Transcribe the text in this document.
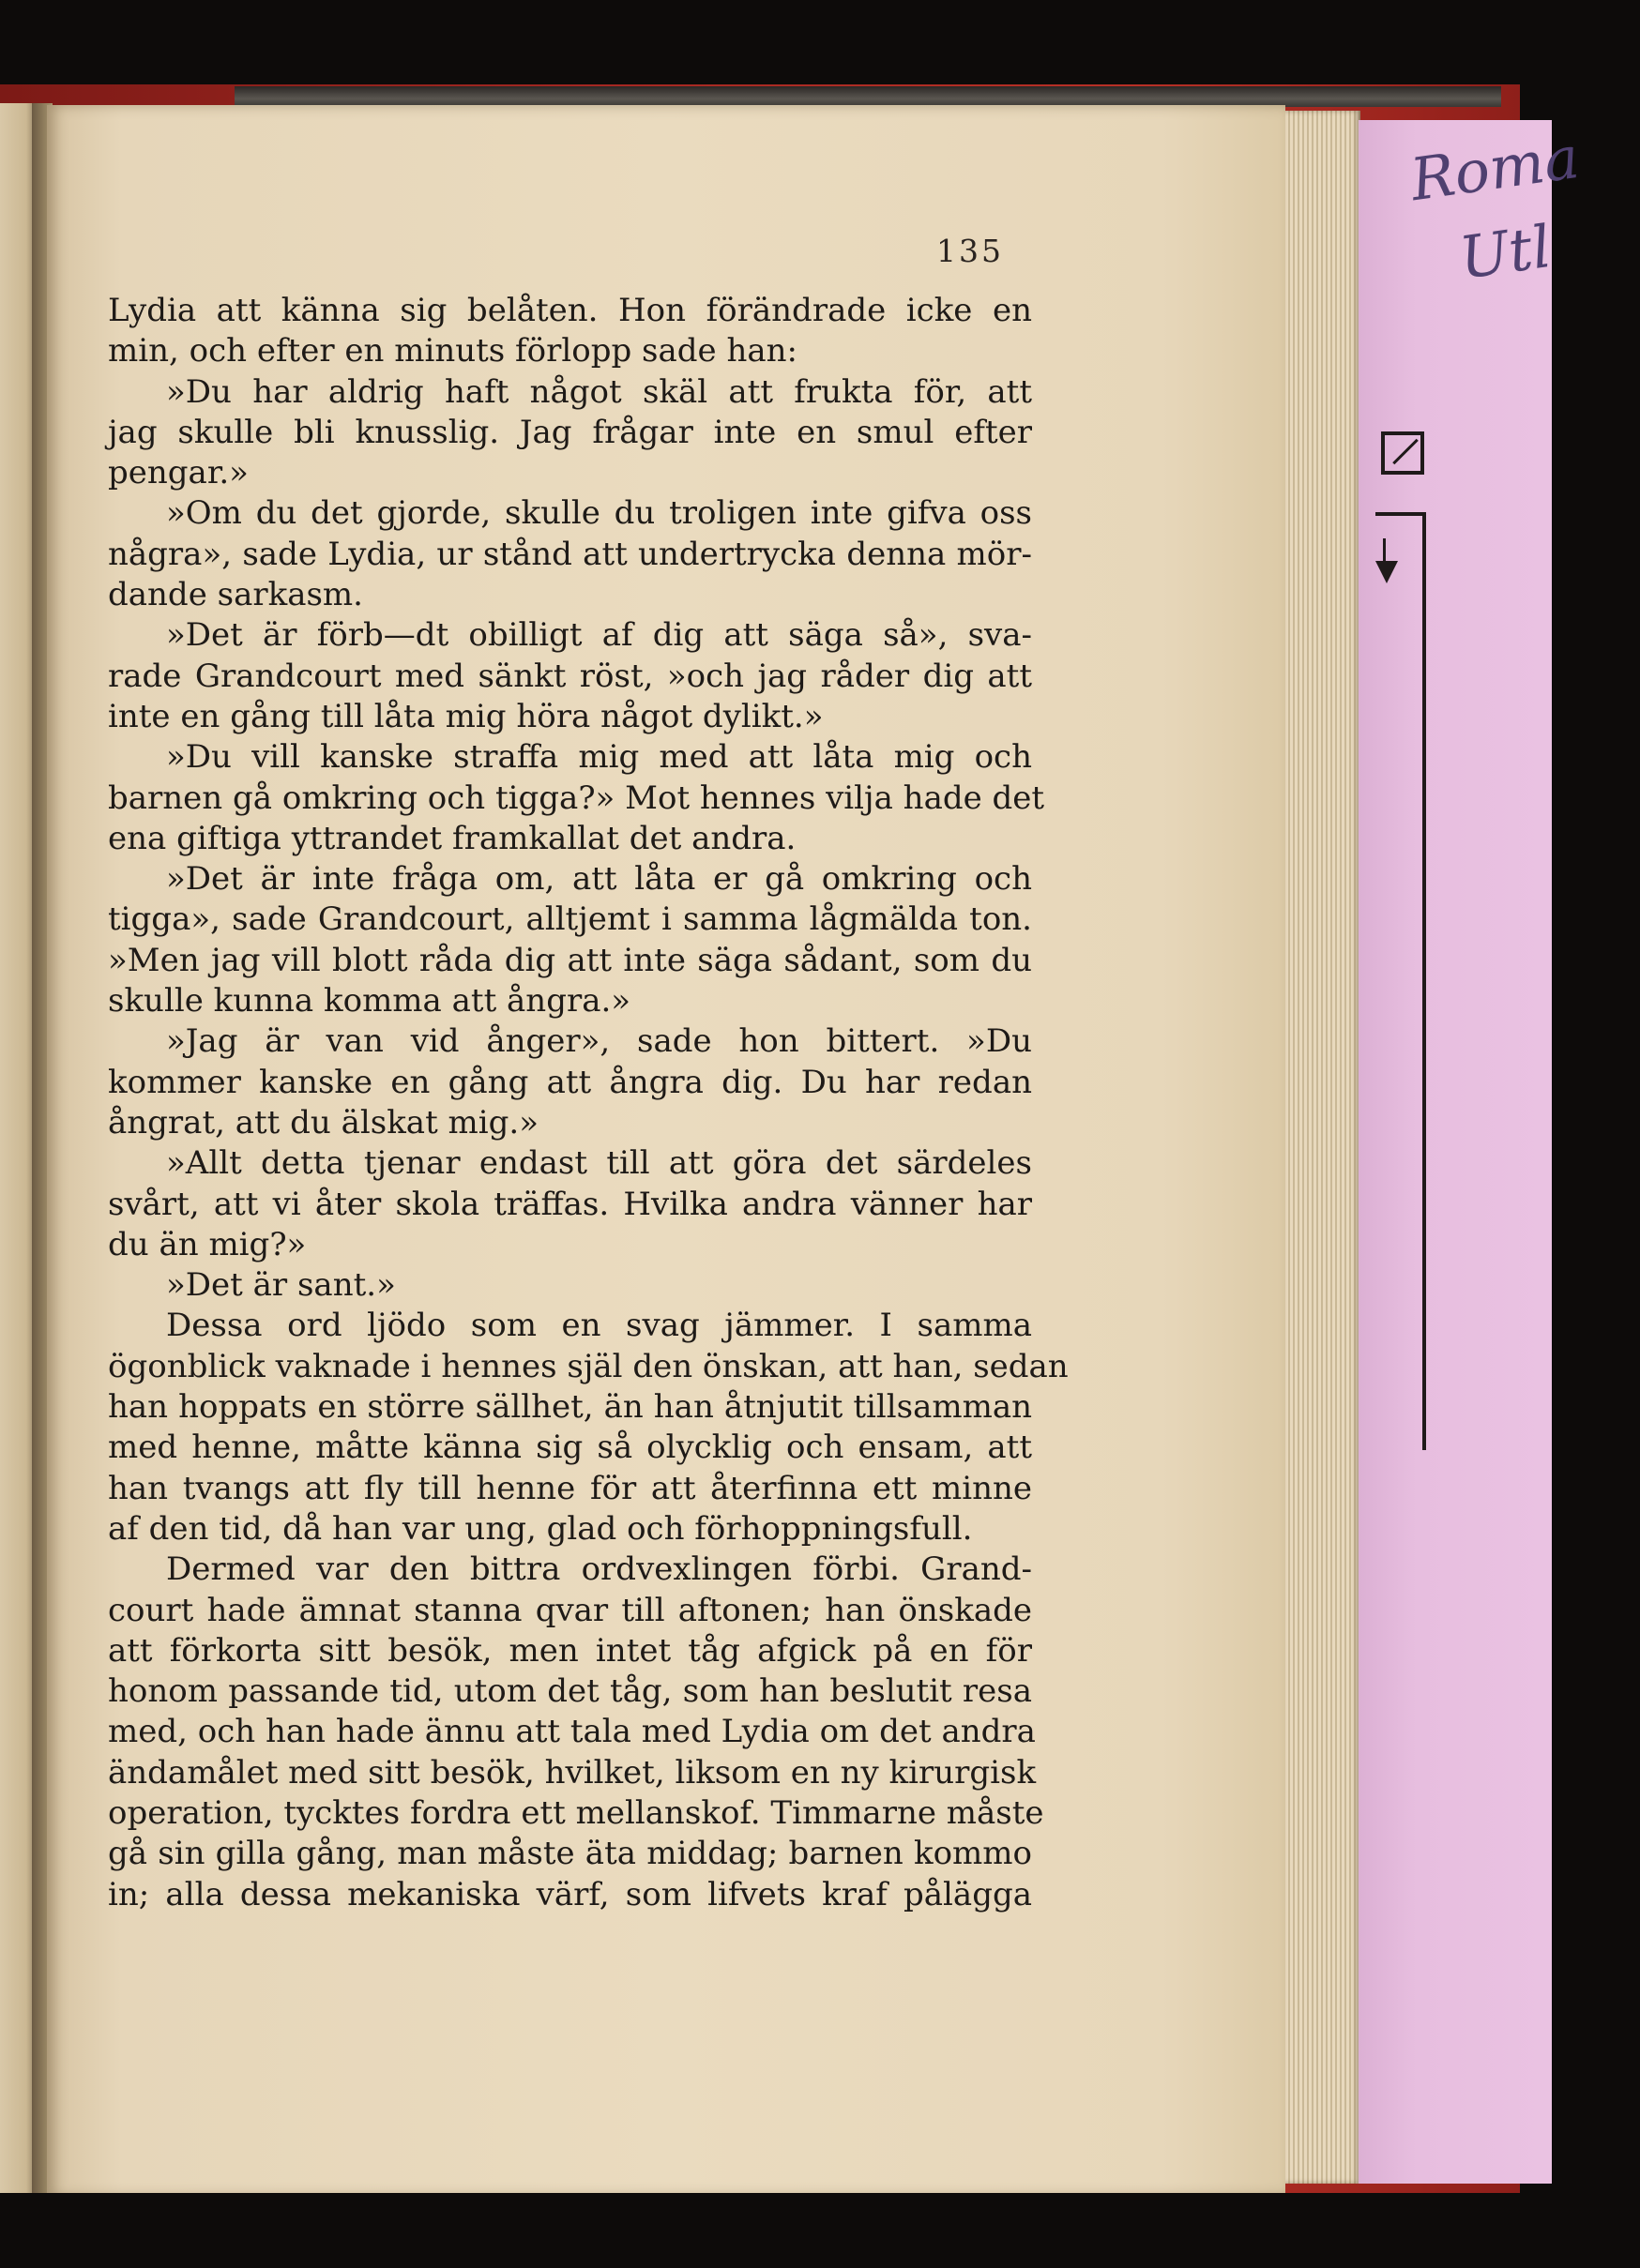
Roma
Utl
135
Lydia att känna sig belåten. Hon förändrade icke en
min, och efter en minuts förlopp sade han:
»Du har aldrig haft något skäl att frukta för, att
jag skulle bli knusslig. Jag frågar inte en smul efter
pengar.»
»Om du det gjorde, skulle du troligen inte gifva oss
några», sade Lydia, ur stånd att undertrycka denna mör-
dande sarkasm.
»Det är förb—dt obilligt af dig att säga så», sva-
rade Grandcourt med sänkt röst, »och jag råder dig att
inte en gång till låta mig höra något dylikt.»
»Du vill kanske straffa mig med att låta mig och
barnen gå omkring och tigga?» Mot hennes vilja hade det
ena giftiga yttrandet framkallat det andra.
»Det är inte fråga om, att låta er gå omkring och
tigga», sade Grandcourt, alltjemt i samma lågmälda ton.
»Men jag vill blott råda dig att inte säga sådant, som du
skulle kunna komma att ångra.»
»Jag är van vid ånger», sade hon bittert. »Du
kommer kanske en gång att ångra dig. Du har redan
ångrat, att du älskat mig.»
»Allt detta tjenar endast till att göra det särdeles
svårt, att vi åter skola träffas. Hvilka andra vänner har
du än mig?»
»Det är sant.»
Dessa ord ljödo som en svag jämmer. I samma
ögonblick vaknade i hennes själ den önskan, att han, sedan
han hoppats en större sällhet, än han åtnjutit tillsamman
med henne, måtte känna sig så olycklig och ensam, att
han tvangs att fly till henne för att återfinna ett minne
af den tid, då han var ung, glad och förhoppningsfull.
Dermed var den bittra ordvexlingen förbi. Grand-
court hade ämnat stanna qvar till aftonen; han önskade
att förkorta sitt besök, men intet tåg afgick på en för
honom passande tid, utom det tåg, som han beslutit resa
med, och han hade ännu att tala med Lydia om det andra
ändamålet med sitt besök, hvilket, liksom en ny kirurgisk
operation, tycktes fordra ett mellanskof. Timmarne måste
gå sin gilla gång, man måste äta middag; barnen kommo
in; alla dessa mekaniska värf, som lifvets kraf pålägga
